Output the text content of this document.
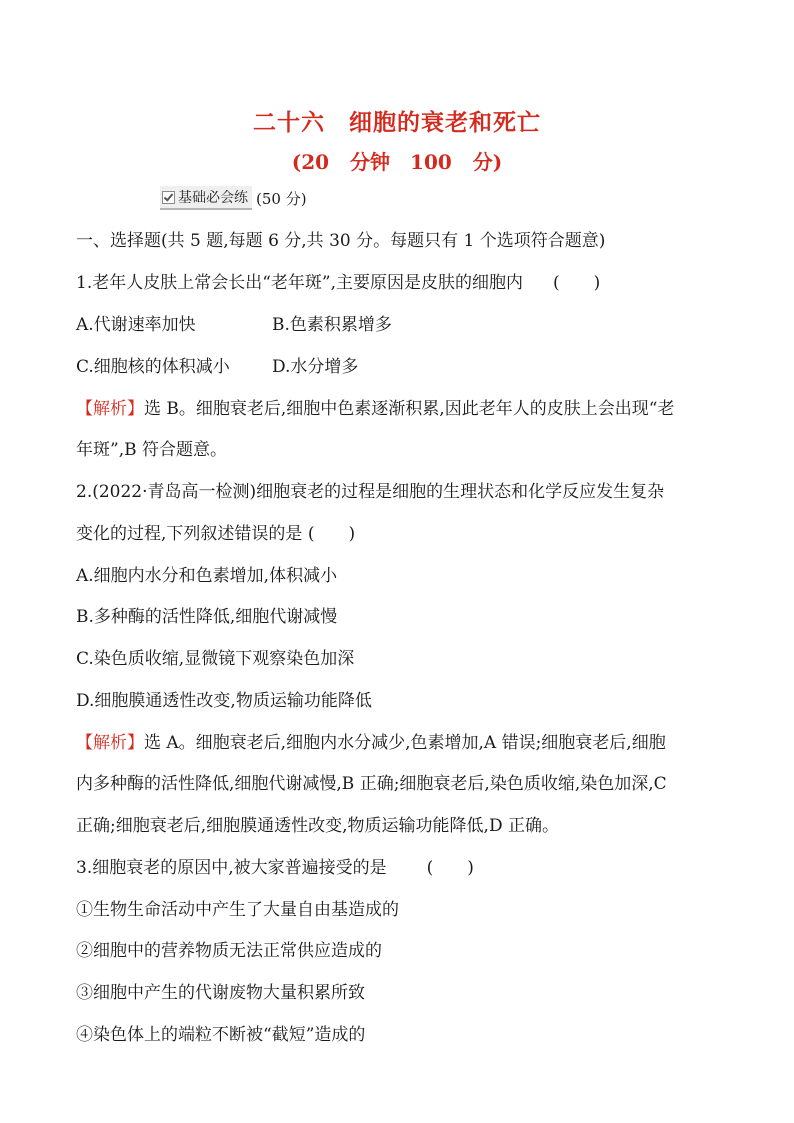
二十六　细胞的衰老和死亡
(20 分钟　100 分)
基础必会练 (50 分)
一、选择题(共 5 题,每题 6 分,共 30 分。每题只有 1 个选项符合题意)
1.老年人皮肤上常会长出“老年斑”,主要原因是皮肤的细胞内 (　　)
A.代谢速率加快	B.色素积累增多
C.细胞核的体积减小 D.水分增多
【解析】选 B。细胞衰老后,细胞中色素逐渐积累,因此老年人的皮肤上会出现“老
年斑”,B 符合题意。
2.(2022·青岛高一检测)细胞衰老的过程是细胞的生理状态和化学反应发生复杂
变化的过程,下列叙述错误的是 (　　)
A.细胞内水分和色素增加,体积减小
B.多种酶的活性降低,细胞代谢减慢
C.染色质收缩,显微镜下观察染色加深
D.细胞膜通透性改变,物质运输功能降低
【解析】选 A。细胞衰老后,细胞内水分减少,色素增加,A 错误;细胞衰老后,细胞
内多种酶的活性降低,细胞代谢减慢,B 正确;细胞衰老后,染色质收缩,染色加深,C
正确;细胞衰老后,细胞膜通透性改变,物质运输功能降低,D 正确。
3.细胞衰老的原因中,被大家普遍接受的是 (　　)
①生物生命活动中产生了大量自由基造成的
②细胞中的营养物质无法正常供应造成的
③细胞中产生的代谢废物大量积累所致
④染色体上的端粒不断被“截短”造成的
